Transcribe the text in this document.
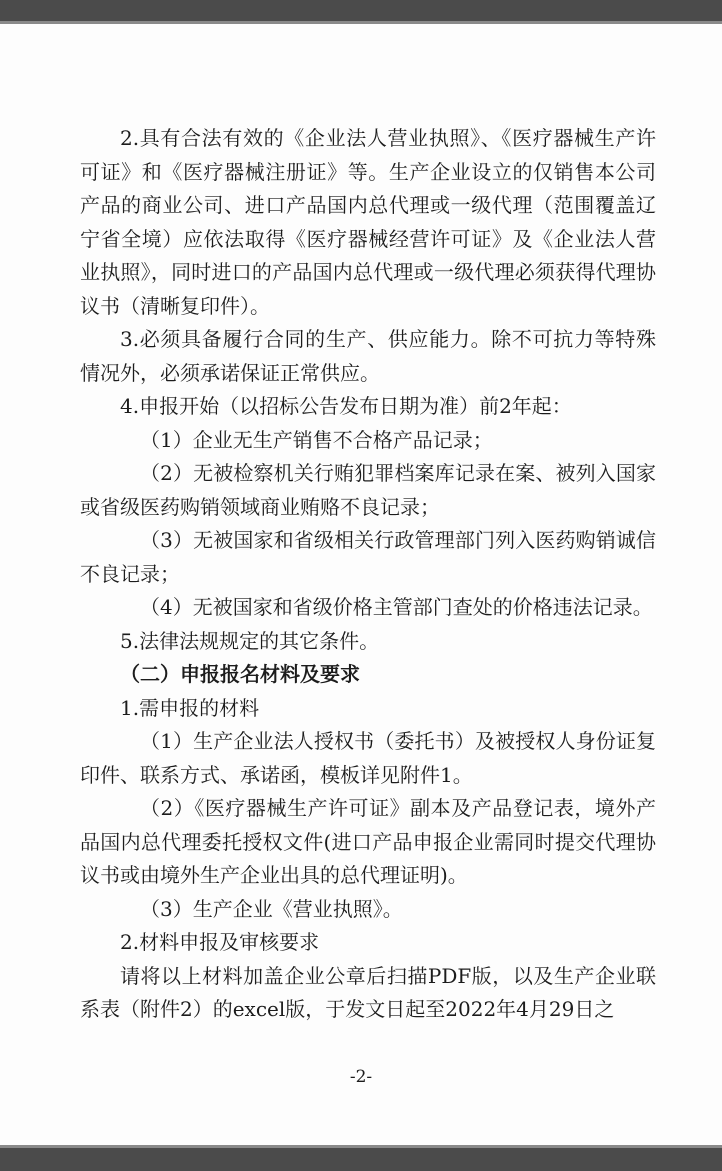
2.具有合法有效的《企业法人营业执照》、《医疗器械生产许可证》和《医疗器械注册证》等。生产企业设立的仅销售本公司产品的商业公司、进口产品国内总代理或一级代理（范围覆盖辽宁省全境）应依法取得《医疗器械经营许可证》及《企业法人营业执照》，同时进口的产品国内总代理或一级代理必须获得代理协议书（清晰复印件）。

3.必须具备履行合同的生产、供应能力。除不可抗力等特殊情况外，必须承诺保证正常供应。

4.申报开始（以招标公告发布日期为准）前2年起：

（1）企业无生产销售不合格产品记录；

（2）无被检察机关行贿犯罪档案库记录在案、被列入国家或省级医药购销领域商业贿赂不良记录；

（3）无被国家和省级相关行政管理部门列入医药购销诚信不良记录；

（4）无被国家和省级价格主管部门查处的价格违法记录。

5.法律法规规定的其它条件。

（二）申报报名材料及要求

1.需申报的材料

（1）生产企业法人授权书（委托书）及被授权人身份证复印件、联系方式、承诺函，模板详见附件1。

（2）《医疗器械生产许可证》副本及产品登记表，境外产品国内总代理委托授权文件(进口产品申报企业需同时提交代理协议书或由境外生产企业出具的总代理证明)。

（3）生产企业《营业执照》。

2.材料申报及审核要求

请将以上材料加盖企业公章后扫描PDF版，以及生产企业联系表（附件2）的excel版，于发文日起至2022年4月29日之

-2-
